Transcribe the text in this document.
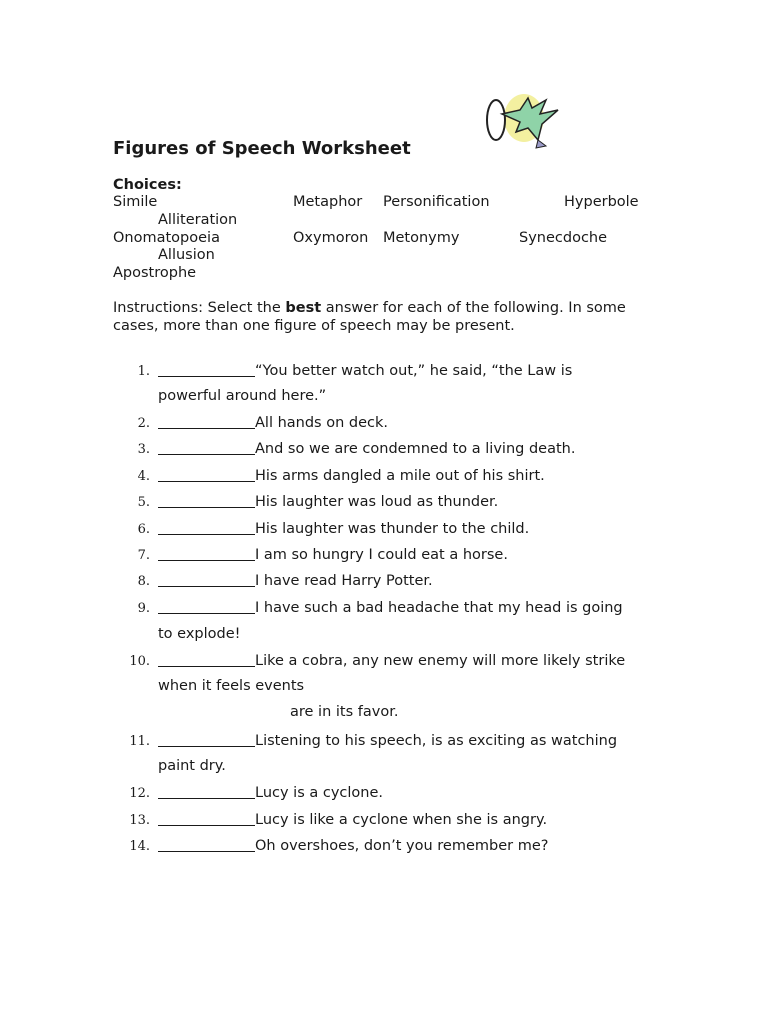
Figures of Speech Worksheet
Choices:
Simile	Metaphor Personification	Hyperbole
Alliteration
Onomatopoeia	Oxymoron Metonymy	Synecdoche
Allusion
Apostrophe
Instructions: Select the best answer for each of the following. In some cases, more than one figure of speech may be present.
1.	“You better watch out,” he said, “the Law is
powerful around here.”
2.	All hands on deck.
3.	And so we are condemned to a living death.
4.	His arms dangled a mile out of his shirt.
5.	His laughter was loud as thunder.
6.	His laughter was thunder to the child.
7.	I am so hungry I could eat a horse.
8.	I have read Harry Potter.
9.	I have such a bad headache that my head is going
to explode!
10.	Like a cobra, any new enemy will more likely strike
when it feels events
are in its favor.
11.	Listening to his speech, is as exciting as watching
paint dry.
12.	Lucy is a cyclone.
13.	Lucy is like a cyclone when she is angry.
14.	Oh overshoes, don’t you remember me?
